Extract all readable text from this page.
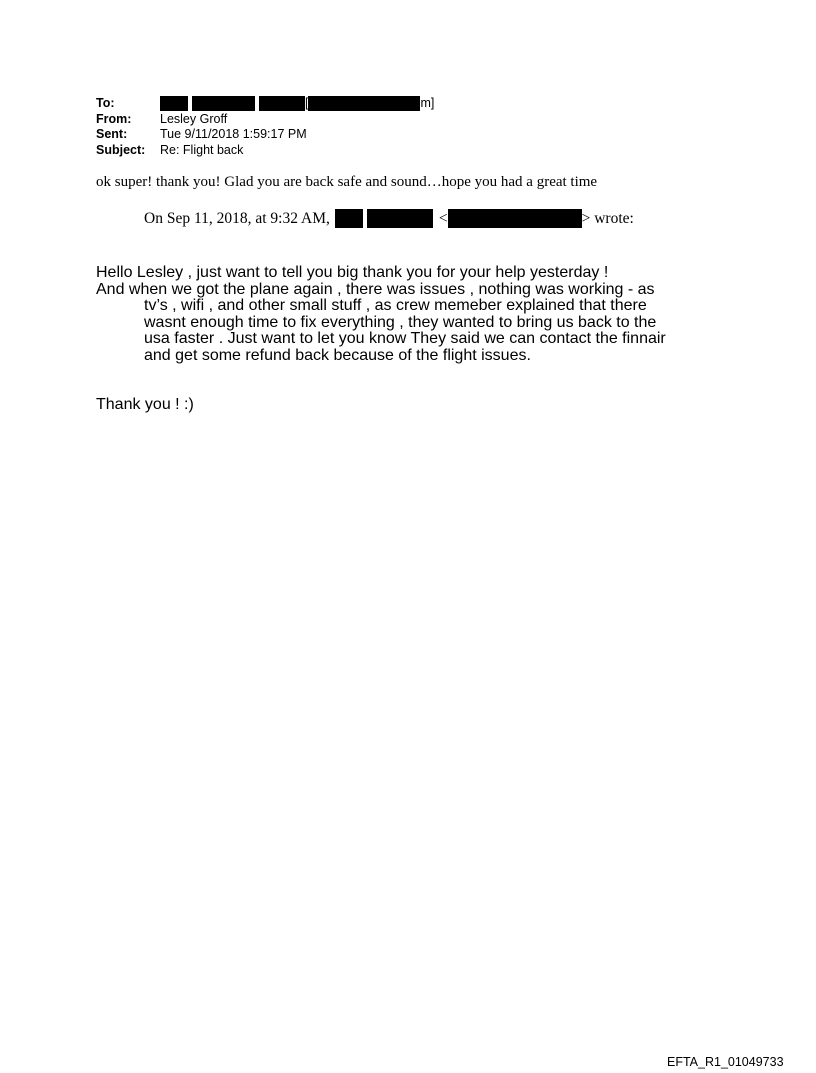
To:	[	m]
From:	Lesley Groff
Sent:	Tue 9/11/2018 1:59:17 PM
Subject:	Re: Flight back
ok super! thank you! Glad you are back safe and sound…hope you had a great time
On Sep 11, 2018, at 9:32 AM,	<	> wrote:
Hello Lesley , just want to tell you big thank you for your help yesterday !
And when we got the plane again , there was issues , nothing was working - as
tv’s , wifi , and other small stuff , as crew memeber explained that there
wasnt enough time to fix everything , they wanted to bring us back to the
usa faster . Just want to let you know They said we can contact the finnair
and get some refund back because of the flight issues.
Thank you ! :)
EFTA_R1_01049733
